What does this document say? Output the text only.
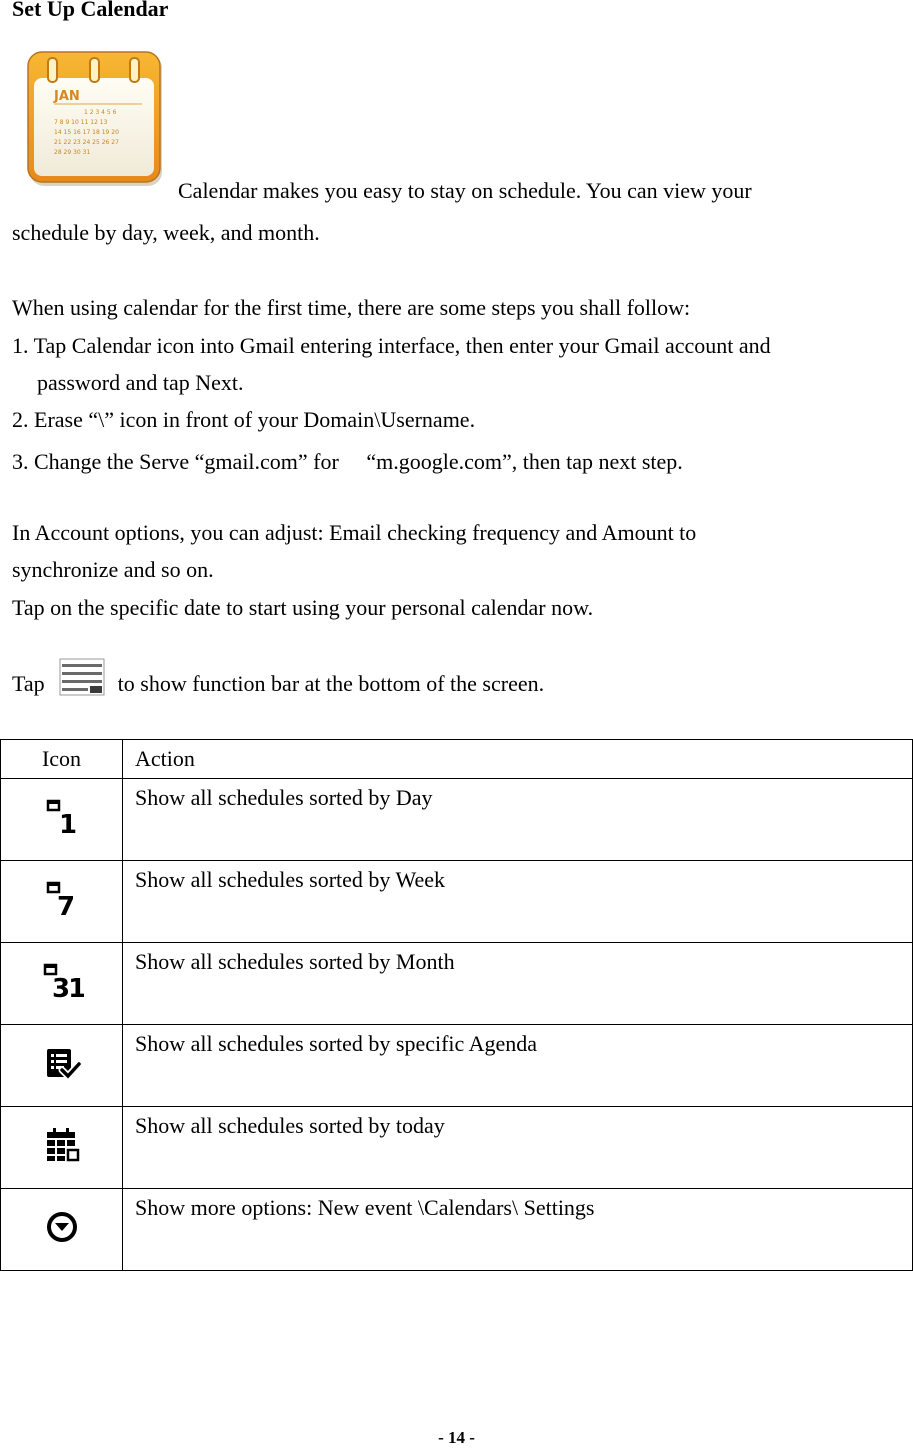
Set Up Calendar
JAN
1 2 3 4 5 6
7 8 9 10 11 12 13
14 15 16 17 18 19 20
21 22 23 24 25 26 27
28 29 30 31
Calendar makes you easy to stay on schedule. You can view your
schedule by day, week, and month.
When using calendar for the first time, there are some steps you shall follow:
1. Tap Calendar icon into Gmail entering interface, then enter your Gmail account and
password and tap Next.
2. Erase “\” icon in front of your Domain\Username.
3. Change the Serve “gmail.com” for 　“m.google.com”, then tap next step.
In Account options, you can adjust: Email checking frequency and Amount to
synchronize and so on.
Tap on the specific date to start using your personal calendar now.
Tap	to show function bar at the bottom of the screen.
Icon	Action

1	Show all schedules sorted by Day

7	Show all schedules sorted by Week

31	Show all schedules sorted by Month
	Show all schedules sorted by specific Agenda
	Show all schedules sorted by today
	Show more options: New event \Calendars\ Settings
- 14 -
